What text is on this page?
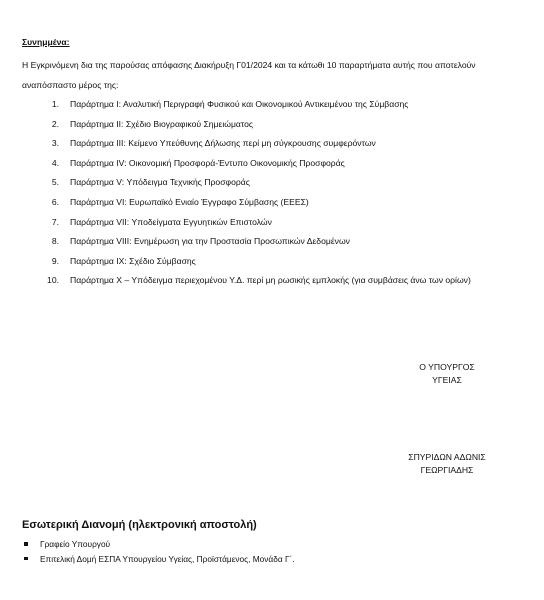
Συνημμένα:
Η Εγκρινόμενη δια της παρούσας απόφασης Διακήρυξη Γ01/2024 και τα κάτωθι 10 παραρτήματα αυτής που αποτελούν αναπόσπαστο μέρος της:
1.	Παράρτημα Ι: Αναλυτική Περιγραφή Φυσικού και Οικονομικού Αντικειμένου της Σύμβασης
2.	Παράρτημα ΙΙ: Σχέδιο Βιογραφικού Σημειώματος
3.	Παράρτημα ΙΙΙ: Κείμενο Υπεύθυνης Δήλωσης περί μη σύγκρουσης συμφερόντων
4.	Παράρτημα IV: Οικονομική Προσφορά-Έντυπο Οικονομικής Προσφοράς
5.	Παράρτημα V: Υπόδειγμα Τεχνικής Προσφοράς
6.	Παράρτημα VI: Ευρωπαϊκό Ενιαίο Έγγραφο Σύμβασης (ΕΕΕΣ)
7.	Παράρτημα VII: Υποδείγματα Εγγυητικών Επιστολών
8.	Παράρτημα VIII: Ενημέρωση για την Προστασία Προσωπικών Δεδομένων
9.	Παράρτημα IX: Σχέδιο Σύμβασης
10.	Παράρτημα Χ – Υπόδειγμα περιεχομένου Υ.Δ. περί μη ρωσικής εμπλοκής (για συμβάσεις άνω των ορίων)
Ο ΥΠΟΥΡΓΟΣ
ΥΓΕΙΑΣ
ΣΠΥΡΙΔΩΝ ΑΔΩΝΙΣ
ΓΕΩΡΓΙΑΔΗΣ
Εσωτερική Διανομή (ηλεκτρονική αποστολή)
Γραφείο Υπουργού
Επιτελική Δομή ΕΣΠΑ Υπουργείου Υγείας, Προϊστάμενος, Μονάδα Γ΄.
